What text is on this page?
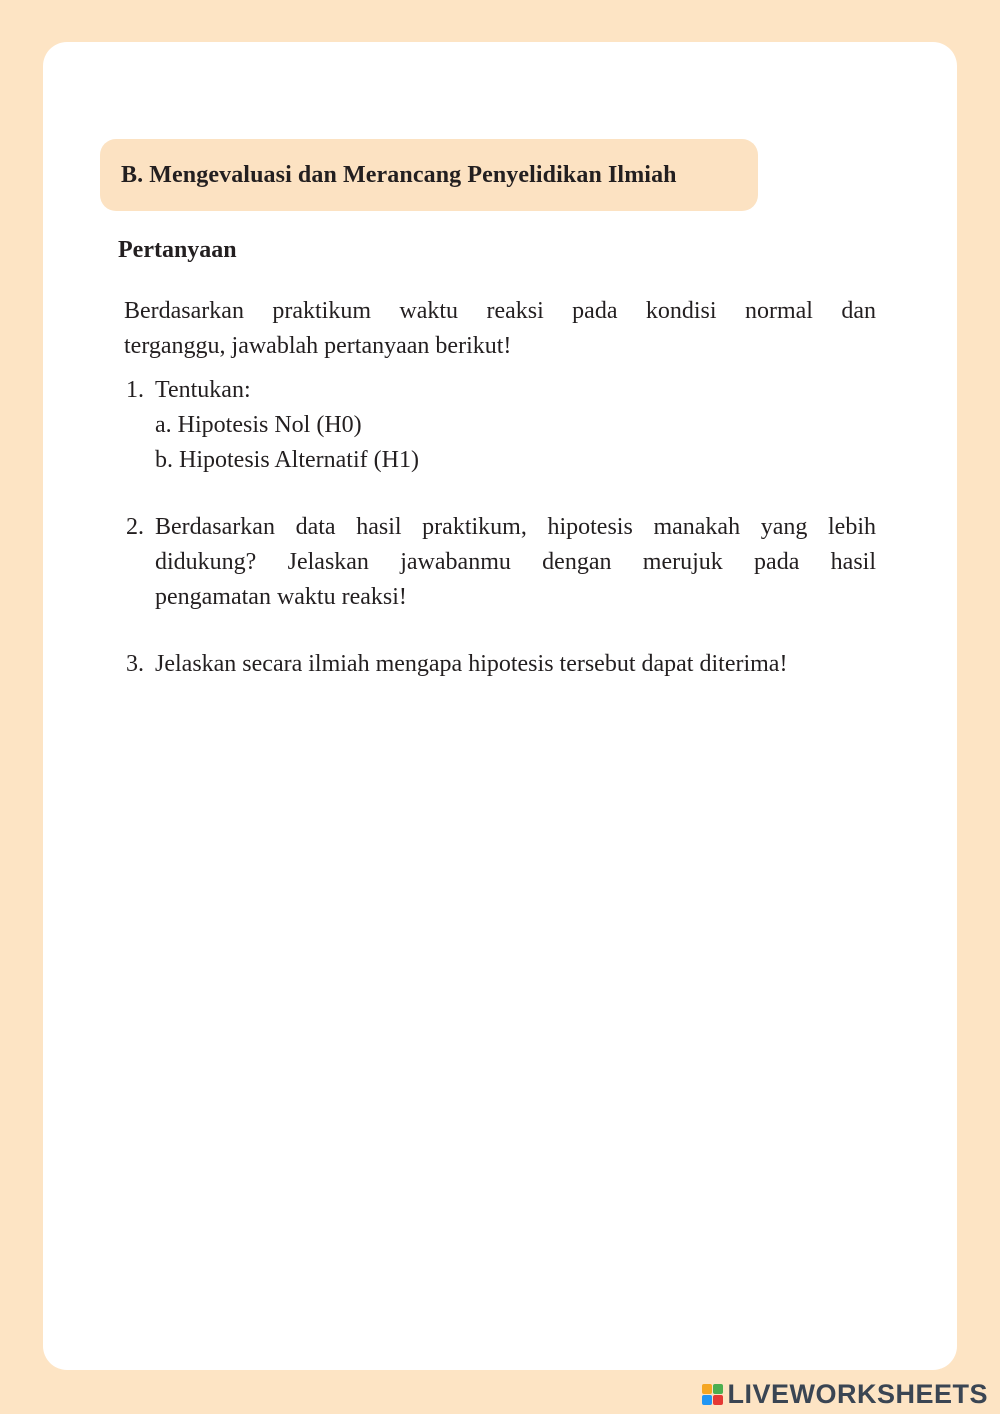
B. Mengevaluasi dan Merancang Penyelidikan Ilmiah
Pertanyaan

Berdasarkan praktikum waktu reaksi pada kondisi normal dan
terganggu, jawablah pertanyaan berikut!

1. Tentukan:
a. Hipotesis Nol (H0)
b. Hipotesis Alternatif (H1)
2. Berdasarkan data hasil praktikum, hipotesis manakah yang lebih
didukung? Jelaskan jawabanmu dengan merujuk pada hasil
pengamatan waktu reaksi!
3. Jelaskan secara ilmiah mengapa hipotesis tersebut dapat diterima!
LIVEWORKSHEETS
